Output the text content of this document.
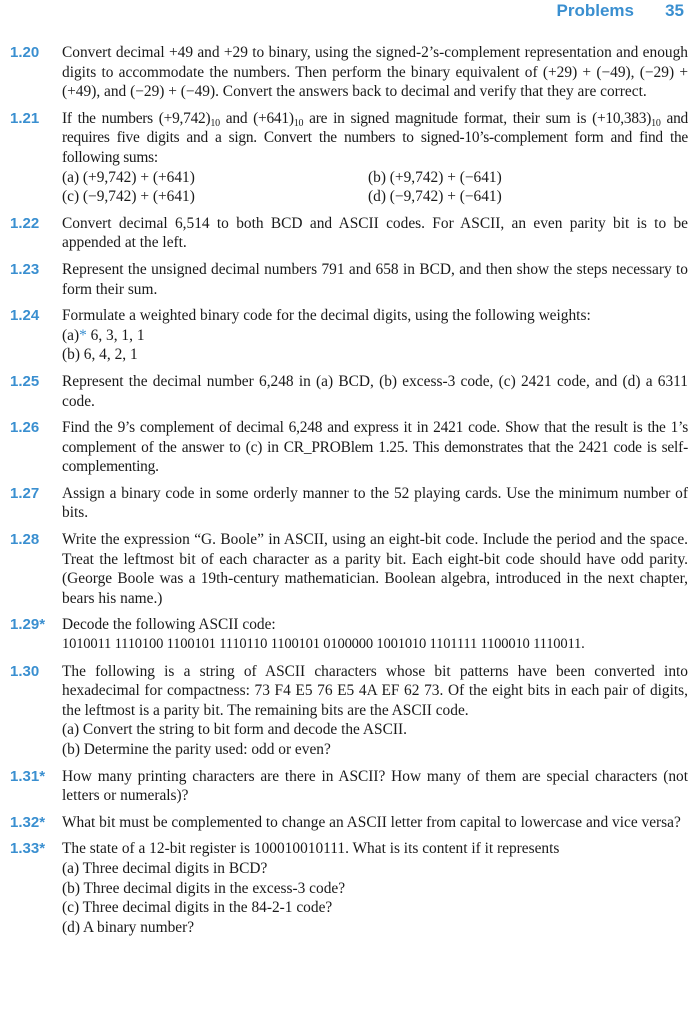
Problems 35
1.20 Convert decimal +49 and +29 to binary, using the signed-2’s-complement representation and enough digits to accommodate the numbers. Then perform the binary equivalent of (+29) + (−49), (−29) + (+49), and (−29) + (−49). Convert the answers back to decimal and verify that they are correct.
1.21 If the numbers $(+9,742)_{10}$ and $(+641)_{10}$ are in signed magnitude format, their sum is $(+10,383)_{10}$ and requires five digits and a sign. Convert the numbers to signed-10’s-complement form and find the following sums:
(a) (+9,742) + (+641)	(b) (+9,742) + (−641)
(c) (−9,742) + (+641)	(d) (−9,742) + (−641)
1.22 Convert decimal 6,514 to both BCD and ASCII codes. For ASCII, an even parity bit is to be appended at the left.
1.23 Represent the unsigned decimal numbers 791 and 658 in BCD, and then show the steps necessary to form their sum.
1.24 Formulate a weighted binary code for the decimal digits, using the following weights:
(a)* 6, 3, 1, 1
(b) 6, 4, 2, 1
1.25 Represent the decimal number 6,248 in (a) BCD, (b) excess-3 code, (c) 2421 code, and (d) a 6311 code.
1.26 Find the 9’s complement of decimal 6,248 and express it in 2421 code. Show that the result is the 1’s complement of the answer to (c) in CR_PROBlem 1.25. This demonstrates that the 2421 code is self-complementing.
1.27 Assign a binary code in some orderly manner to the 52 playing cards. Use the minimum number of bits.
1.28 Write the expression “G. Boole” in ASCII, using an eight-bit code. Include the period and the space. Treat the leftmost bit of each character as a parity bit. Each eight-bit code should have odd parity. (George Boole was a 19th-century mathematician. Boolean algebra, introduced in the next chapter, bears his name.)
1.29* Decode the following ASCII code:
1010011 1110100 1100101 1110110 1100101 0100000 1001010 1101111 1100010 1110011.
1.30 The following is a string of ASCII characters whose bit patterns have been converted into hexadecimal for compactness: 73 F4 E5 76 E5 4A EF 62 73. Of the eight bits in each pair of digits, the leftmost is a parity bit. The remaining bits are the ASCII code.
(a) Convert the string to bit form and decode the ASCII.
(b) Determine the parity used: odd or even?
1.31* How many printing characters are there in ASCII? How many of them are special characters (not letters or numerals)?
1.32* What bit must be complemented to change an ASCII letter from capital to lowercase and vice versa?
1.33* The state of a 12-bit register is 100010010111. What is its content if it represents
(a) Three decimal digits in BCD?
(b) Three decimal digits in the excess-3 code?
(c) Three decimal digits in the 84-2-1 code?
(d) A binary number?
